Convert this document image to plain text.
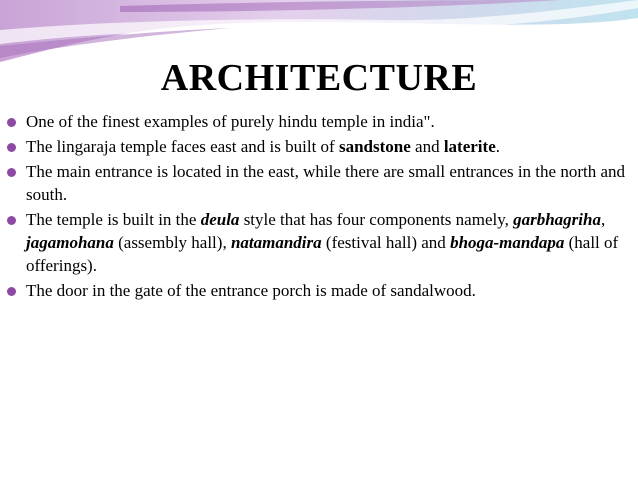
ARCHITECTURE
One of the finest examples of purely hindu temple in india".
The lingaraja temple faces east and is built of sandstone and laterite.
The main entrance is located in the east, while there are small entrances in the north and south.
The temple is built in the deula style that has four components namely, garbhagriha, jagamohana (assembly hall), natamandira (festival hall) and bhoga-mandapa (hall of offerings).
The door in the gate of the entrance porch is made of sandalwood.
